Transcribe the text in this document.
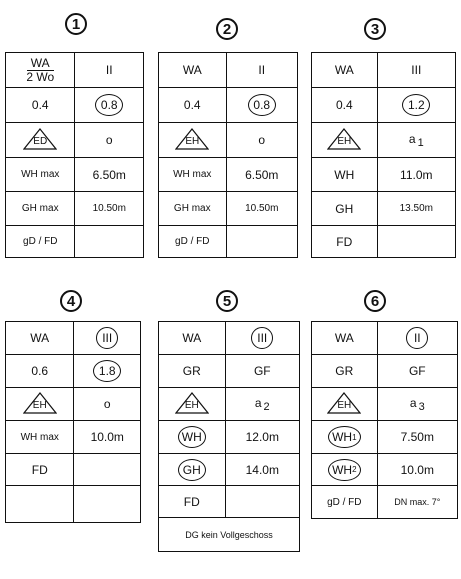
1
$\frac{WA}{2 Wo}$	II
0.4	0.8

ED	o
WH max	6.50m
GH max	10.50m
gD / FD	
2
WA	II
0.4	0.8

EH	o
WH max	6.50m
GH max	10.50m
gD / FD	
3
WA	III
0.4	1.2

EH	a 1
WH	11.0m
GH	13.50m
FD	
4
WA	III

0.6	1.8

EH	o
WH max	10.0m
FD	

5
WA	III

GR	GF

EH	a 2

WH	12.0m

GH	14.0m
FD	
DG kein Vollgeschoss	
6
WA	II

GR	GF

EH	a 3

WH 1	7.50m

WH 2	10.0m
gD / FD	DN max. 7°
